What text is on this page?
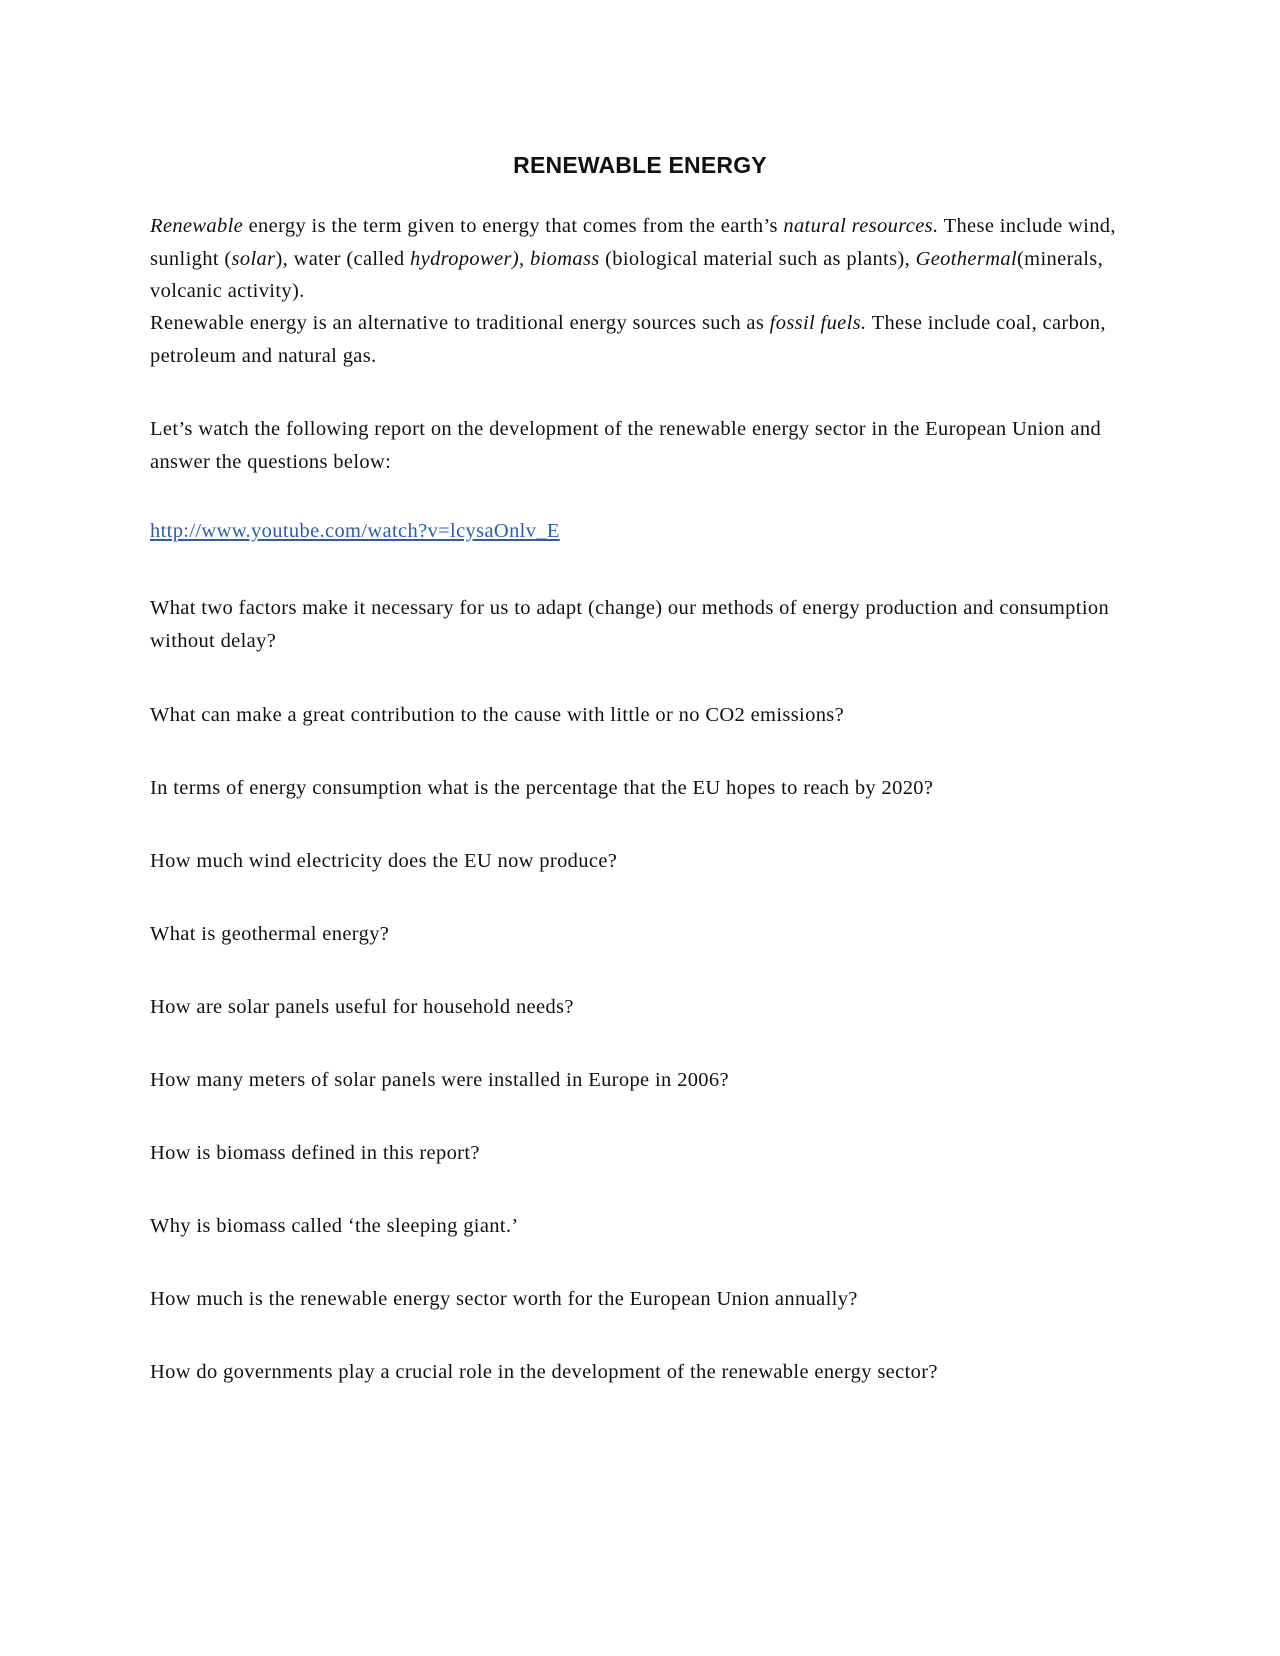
RENEWABLE ENERGY
Renewable energy is the term given to energy that comes from the earth’s natural resources. These include wind, sunlight (solar), water (called hydropower), biomass (biological material such as plants), Geothermal(minerals, volcanic activity).
Renewable energy is an alternative to traditional energy sources such as fossil fuels. These include coal, carbon, petroleum and natural gas.
Let’s watch the following report on the development of the renewable energy sector in the European Union and answer the questions below:
http://www.youtube.com/watch?v=lcysaOnlv_E
What two factors make it necessary for us to adapt (change) our methods of energy production and consumption without delay?
What can make a great contribution to the cause with little or no CO2 emissions?
In terms of energy consumption what is the percentage that the EU hopes to reach by 2020?
How much wind electricity does the EU now produce?
What is geothermal energy?
How are solar panels useful for household needs?
How many meters of solar panels were installed in Europe in 2006?
How is biomass defined in this report?
Why is biomass called ‘the sleeping giant.’
How much is the renewable energy sector worth for the European Union annually?
How do governments play a crucial role in the development of the renewable energy sector?
